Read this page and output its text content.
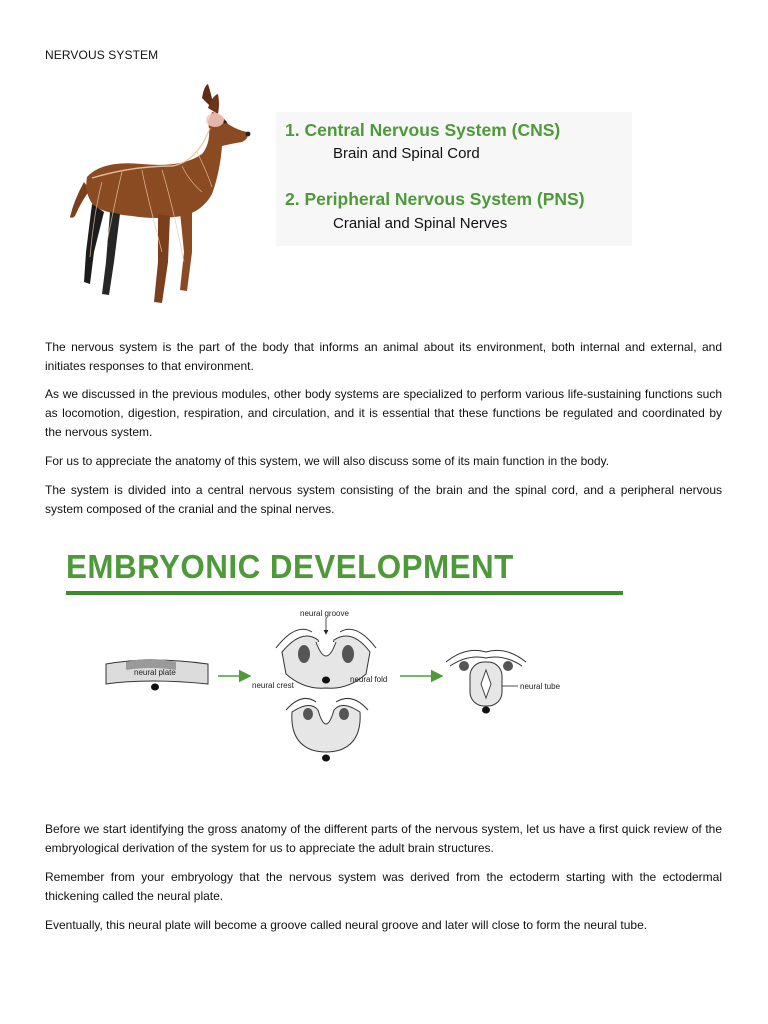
NERVOUS SYSTEM
1. Central Nervous System (CNS)
Brain and Spinal Cord
2. Peripheral Nervous System (PNS)
Cranial and Spinal Nerves

The nervous system is the part of the body that informs an animal about its environment, both internal and external, and initiates responses to that environment.

As we discussed in the previous modules, other body systems are specialized to perform various life-sustaining functions such as locomotion, digestion, respiration, and circulation, and it is essential that these functions be regulated and coordinated by the nervous system.

For us to appreciate the anatomy of this system, we will also discuss some of its main function in the body.

The system is divided into a central nervous system consisting of the brain and the spinal cord, and a peripheral nervous system composed of the cranial and the spinal nerves.

EMBRYONIC DEVELOPMENT
neural plate
neural groove
neural crest
neural fold
neural tube

Before we start identifying the gross anatomy of the different parts of the nervous system, let us have a first quick review of the embryological derivation of the system for us to appreciate the adult brain structures.

Remember from your embryology that the nervous system was derived from the ectoderm starting with the ectodermal thickening called the neural plate.

Eventually, this neural plate will become a groove called neural groove and later will close to form the neural tube.
